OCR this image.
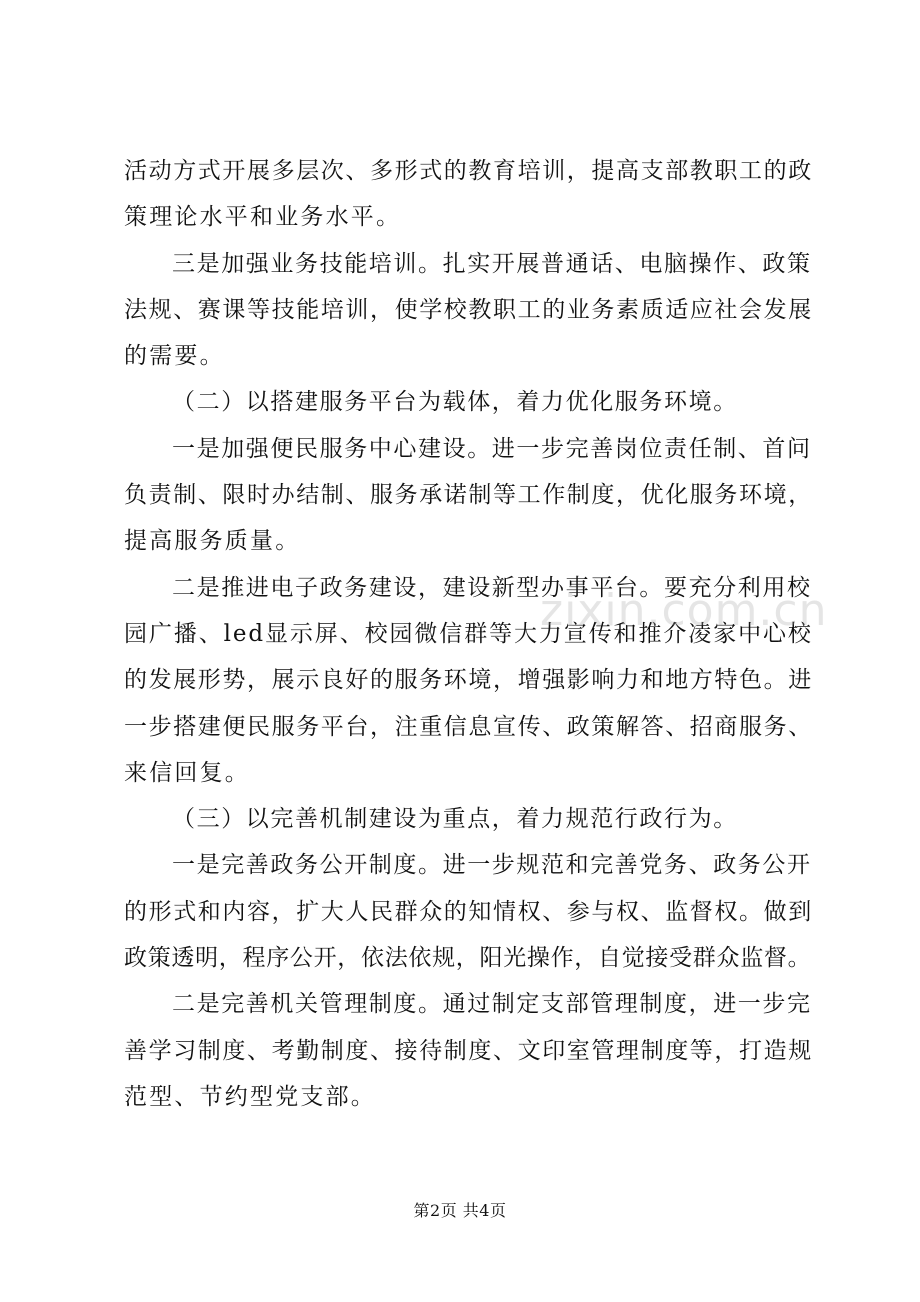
活动方式开展多层次、多形式的教育培训，提高支部教职工的政
策理论水平和业务水平。
三是加强业务技能培训。扎实开展普通话、电脑操作、政策
法规、赛课等技能培训，使学校教职工的业务素质适应社会发展
的需要。
（二）以搭建服务平台为载体，着力优化服务环境。
一是加强便民服务中心建设。进一步完善岗位责任制、首问
负责制、限时办结制、服务承诺制等工作制度，优化服务环境，
提高服务质量。
二是推进电子政务建设，建设新型办事平台。要充分利用校
园广播、led显示屏、校园微信群等大力宣传和推介凌家中心校
的发展形势，展示良好的服务环境，增强影响力和地方特色。进
一步搭建便民服务平台，注重信息宣传、政策解答、招商服务、
来信回复。
（三）以完善机制建设为重点，着力规范行政行为。
一是完善政务公开制度。进一步规范和完善党务、政务公开
的形式和内容，扩大人民群众的知情权、参与权、监督权。做到
政策透明，程序公开，依法依规，阳光操作，自觉接受群众监督。
二是完善机关管理制度。通过制定支部管理制度，进一步完
善学习制度、考勤制度、接待制度、文印室管理制度等，打造规
范型、节约型党支部。
zixin.com.cn
第2页 共4页
